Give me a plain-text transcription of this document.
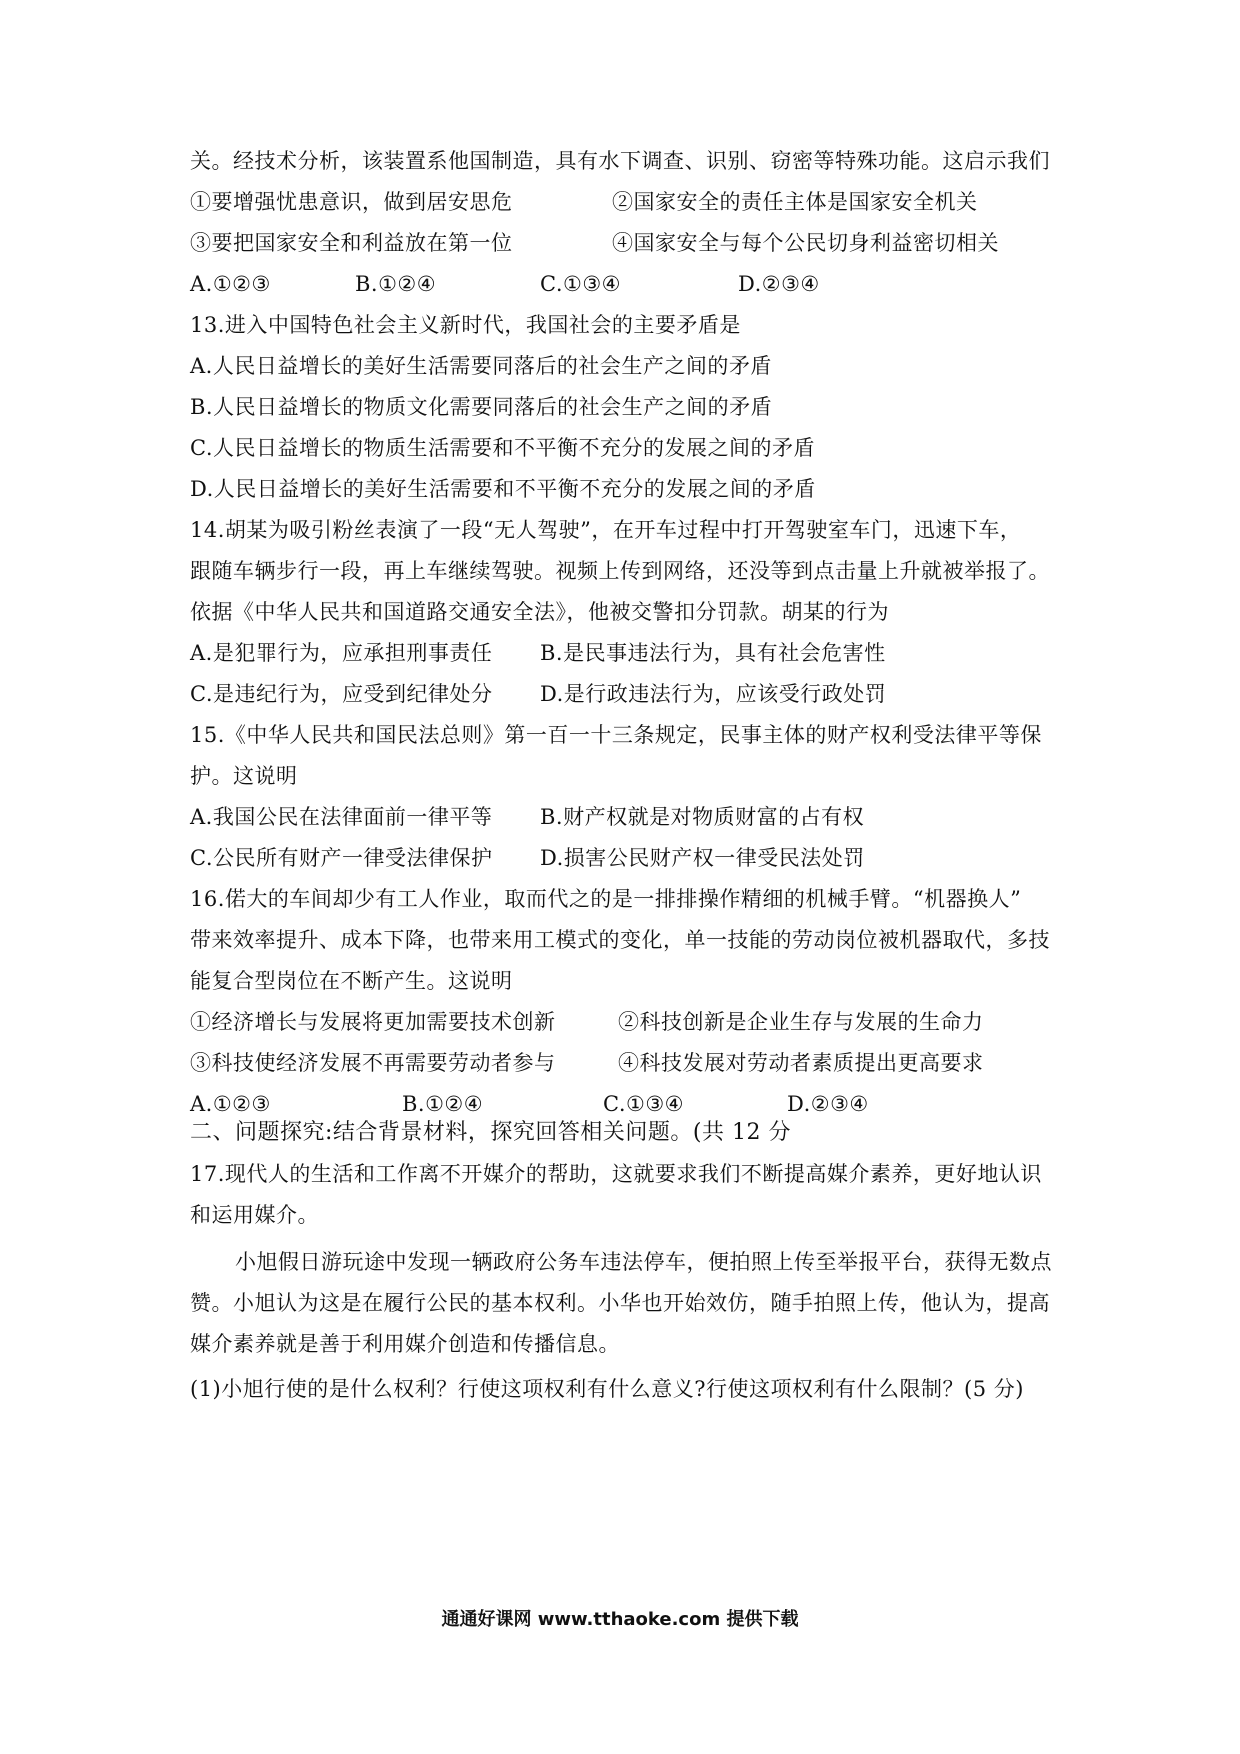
关。经技术分析，该装置系他国制造，具有水下调查、识别、窃密等特殊功能。这启示我们
①要增强忧患意识，做到居安思危	②国家安全的责任主体是国家安全机关
③要把国家安全和利益放在第一位	④国家安全与每个公民切身利益密切相关
A.①②③	B.①②④	C.①③④	D.②③④
13.进入中国特色社会主义新时代，我国社会的主要矛盾是
A.人民日益增长的美好生活需要同落后的社会生产之间的矛盾
B.人民日益增长的物质文化需要同落后的社会生产之间的矛盾
C.人民日益增长的物质生活需要和不平衡不充分的发展之间的矛盾
D.人民日益增长的美好生活需要和不平衡不充分的发展之间的矛盾
14.胡某为吸引粉丝表演了一段“无人驾驶”，在开车过程中打开驾驶室车门，迅速下车，
跟随车辆步行一段，再上车继续驾驶。视频上传到网络，还没等到点击量上升就被举报了。
依据《中华人民共和国道路交通安全法》，他被交警扣分罚款。胡某的行为
A.是犯罪行为，应承担刑事责任 B.是民事违法行为，具有社会危害性
C.是违纪行为，应受到纪律处分 D.是行政违法行为，应该受行政处罚
15.《中华人民共和国民法总则》第一百一十三条规定，民事主体的财产权利受法律平等保
护。这说明
A.我国公民在法律面前一律平等 B.财产权就是对物质财富的占有权
C.公民所有财产一律受法律保护 D.损害公民财产权一律受民法处罚
16.偌大的车间却少有工人作业，取而代之的是一排排操作精细的机械手臂。“机器换人”
带来效率提升、成本下降，也带来用工模式的变化，单一技能的劳动岗位被机器取代，多技
能复合型岗位在不断产生。这说明
①经济增长与发展将更加需要技术创新	②科技创新是企业生存与发展的生命力
③科技使经济发展不再需要劳动者参与	④科技发展对劳动者素质提出更高要求
A.①②③	B.①②④	C.①③④	D.②③④
二、问题探究:结合背景材料，探究回答相关问题。(共 12 分
17.现代人的生活和工作离不开媒介的帮助，这就要求我们不断提高媒介素养，更好地认识
和运用媒介。
小旭假日游玩途中发现一辆政府公务车违法停车，便拍照上传至举报平台，获得无数点
赞。小旭认为这是在履行公民的基本权利。小华也开始效仿，随手拍照上传，他认为，提高
媒介素养就是善于利用媒介创造和传播信息。
(1)小旭行使的是什么权利？行使这项权利有什么意义?行使这项权利有什么限制？(5 分)
通通好课网 www.tthaoke.com 提供下载
